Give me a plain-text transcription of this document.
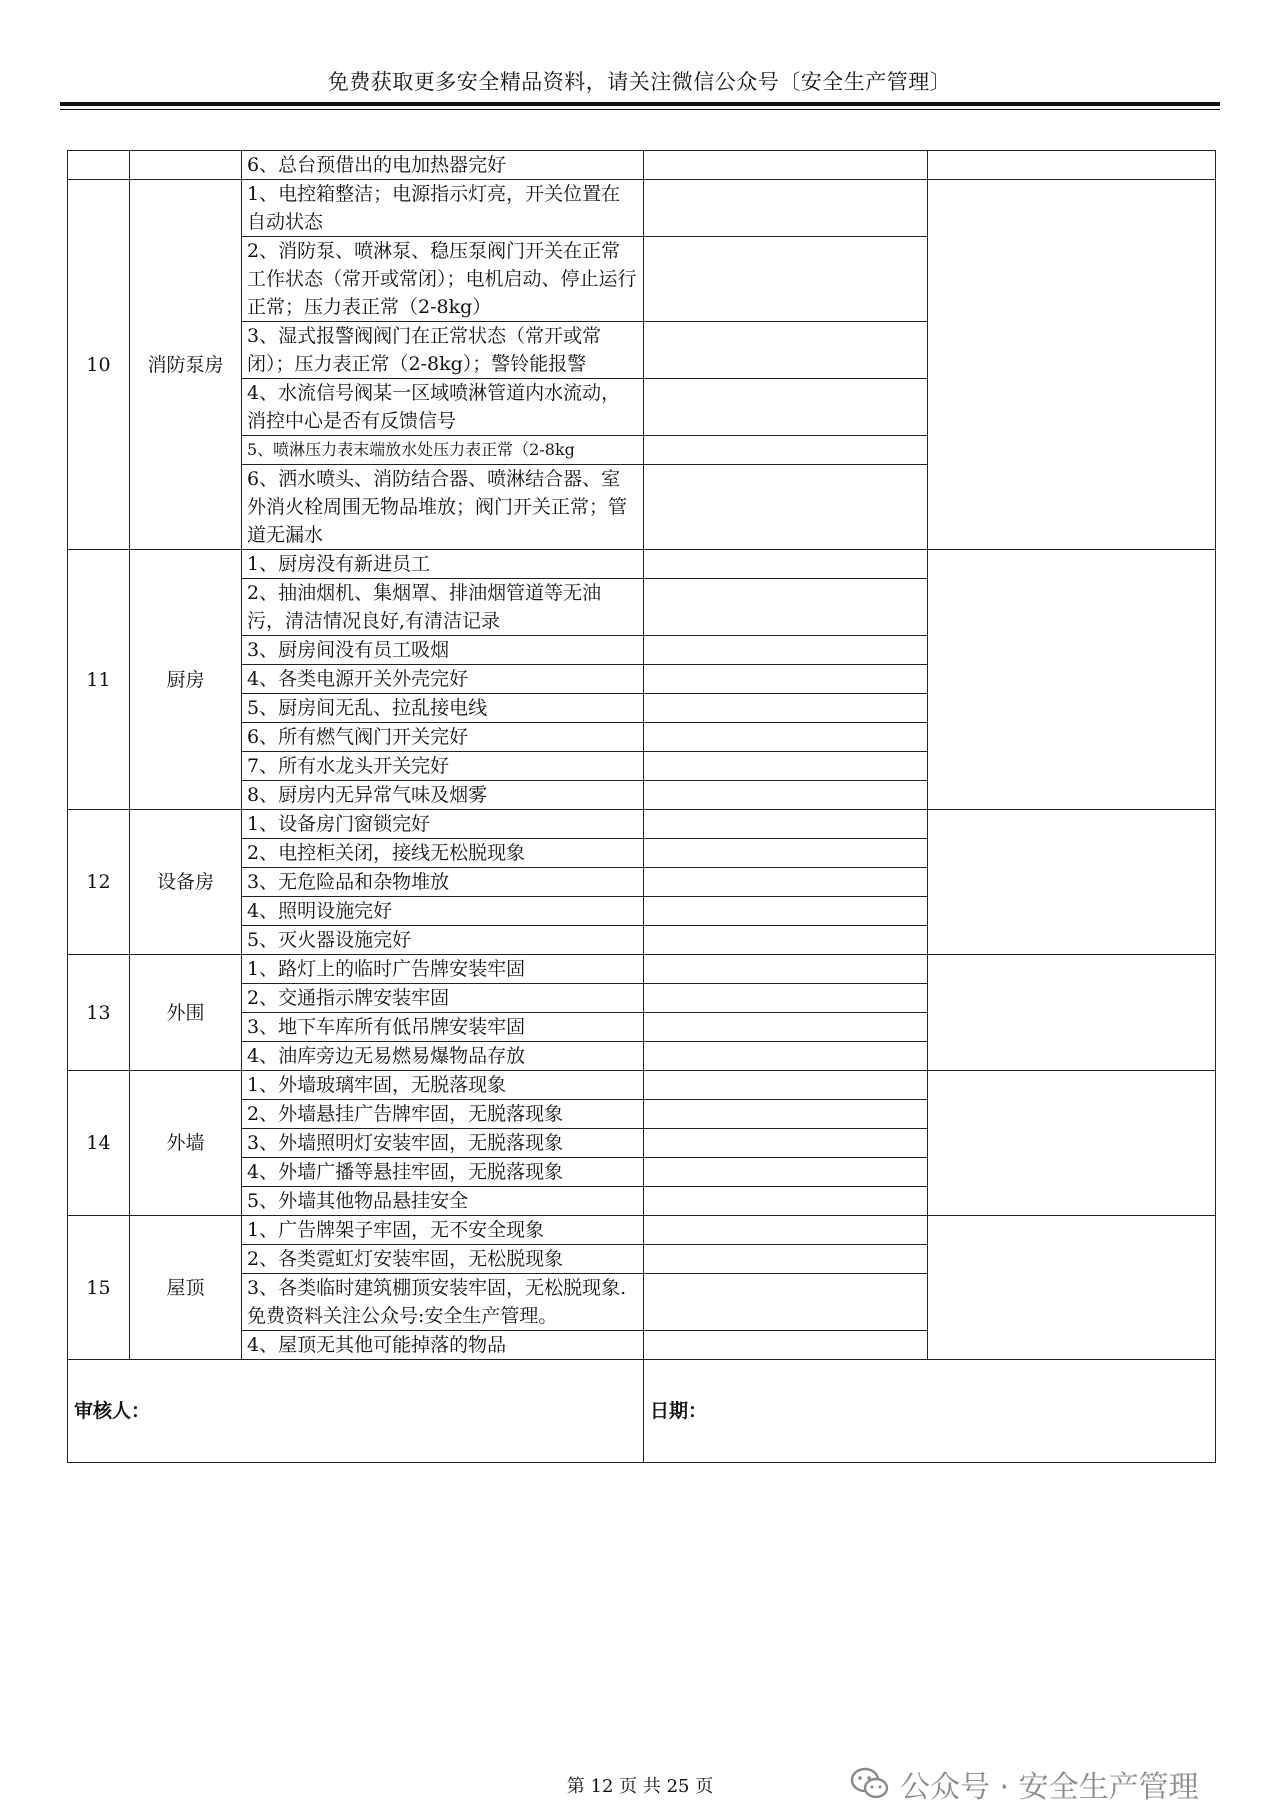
免费获取更多安全精品资料，请关注微信公众号〔安全生产管理〕
		6、总台预借出的电加热器完好		
10	消防泵房	1、电控箱整洁；电源指示灯亮，开关位置在自动状态		
		2、消防泵、喷淋泵、稳压泵阀门开关在正常工作状态（常开或常闭）；电机启动、停止运行正常；压力表正常（2-8kg）		
		3、湿式报警阀阀门在正常状态（常开或常闭）；压力表正常（2-8kg）；警铃能报警		
		4、水流信号阀某一区域喷淋管道内水流动，消控中心是否有反馈信号		
		5、喷淋压力表末端放水处压力表正常（2-8kg		
		6、洒水喷头、消防结合器、喷淋结合器、室外消火栓周围无物品堆放；阀门开关正常；管道无漏水		
11	厨房	1、厨房没有新进员工		
		2、抽油烟机、集烟罩、排油烟管道等无油污，清洁情况良好,有清洁记录		
		3、厨房间没有员工吸烟		
		4、各类电源开关外壳完好		
		5、厨房间无乱、拉乱接电线		
		6、所有燃气阀门开关完好		
		7、所有水龙头开关完好		
		8、厨房内无异常气味及烟雾		
12	设备房	1、设备房门窗锁完好		
		2、电控柜关闭，接线无松脱现象		
		3、无危险品和杂物堆放		
		4、照明设施完好		
		5、灭火器设施完好		
13	外围	1、路灯上的临时广告牌安装牢固		
		2、交通指示牌安装牢固		
		3、地下车库所有低吊牌安装牢固		
		4、油库旁边无易燃易爆物品存放		
14	外墙	1、外墙玻璃牢固，无脱落现象		
		2、外墙悬挂广告牌牢固，无脱落现象		
		3、外墙照明灯安装牢固，无脱落现象		
		4、外墙广播等悬挂牢固，无脱落现象		
		5、外墙其他物品悬挂安全		
15	屋顶	1、广告牌架子牢固，无不安全现象		
		2、各类霓虹灯安装牢固，无松脱现象		
		3、各类临时建筑棚顶安装牢固，无松脱现象.免费资料关注公众号:安全生产管理。		
		4、屋顶无其他可能掉落的物品		
审核人：			日期：	
第 12 页 共 25 页	公众号 · 安全生产管理
